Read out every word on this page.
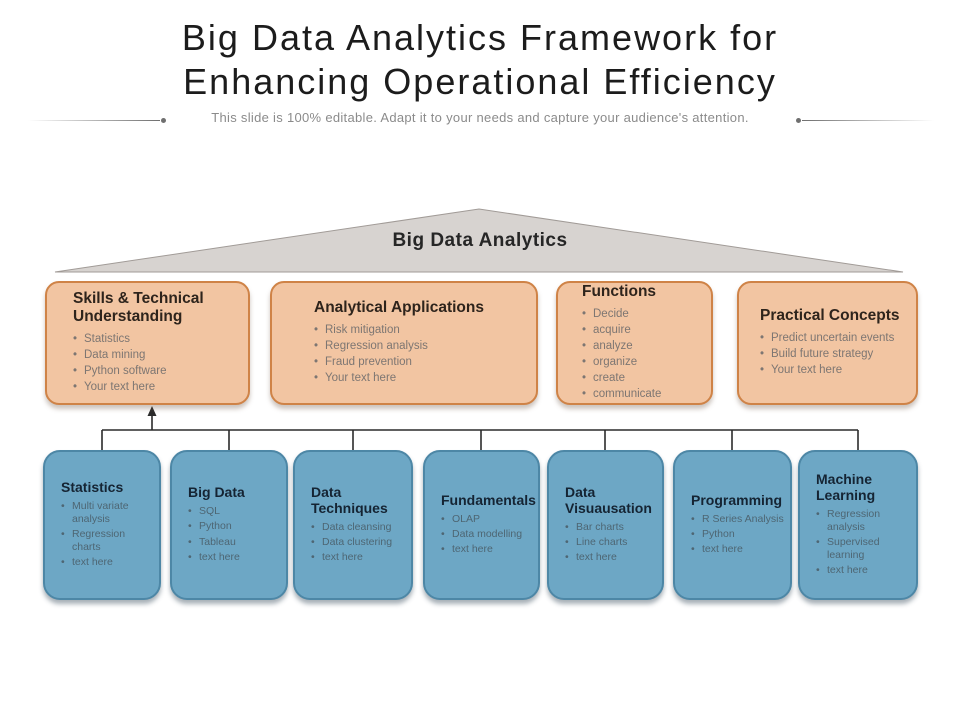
Big Data Analytics Framework for
Enhancing Operational Efficiency
This slide is 100% editable. Adapt it to your needs and capture your audience's attention.
Big Data Analytics
Skills & Technical Understanding
• Statistics
• Data mining
• Python software
• Your text here
Analytical Applications
• Risk mitigation
• Regression analysis
• Fraud prevention
• Your text here
Functions
• Decide
• acquire
• analyze
• organize
• create
• communicate
Practical Concepts
• Predict uncertain events
• Build future strategy
• Your text here
Statistics
• Multi variate analysis
• Regression charts
• text here
Big Data
• SQL
• Python
• Tableau
• text here
Data Techniques
• Data cleansing
• Data clustering
• text here
Fundamentals
• OLAP
• Data modelling
• text here
Data Visuausation
• Bar charts
• Line charts
• text here
Programming
• R Series Analysis
• Python
• text here
Machine Learning
• Regression analysis
• Supervised learning
• text here
